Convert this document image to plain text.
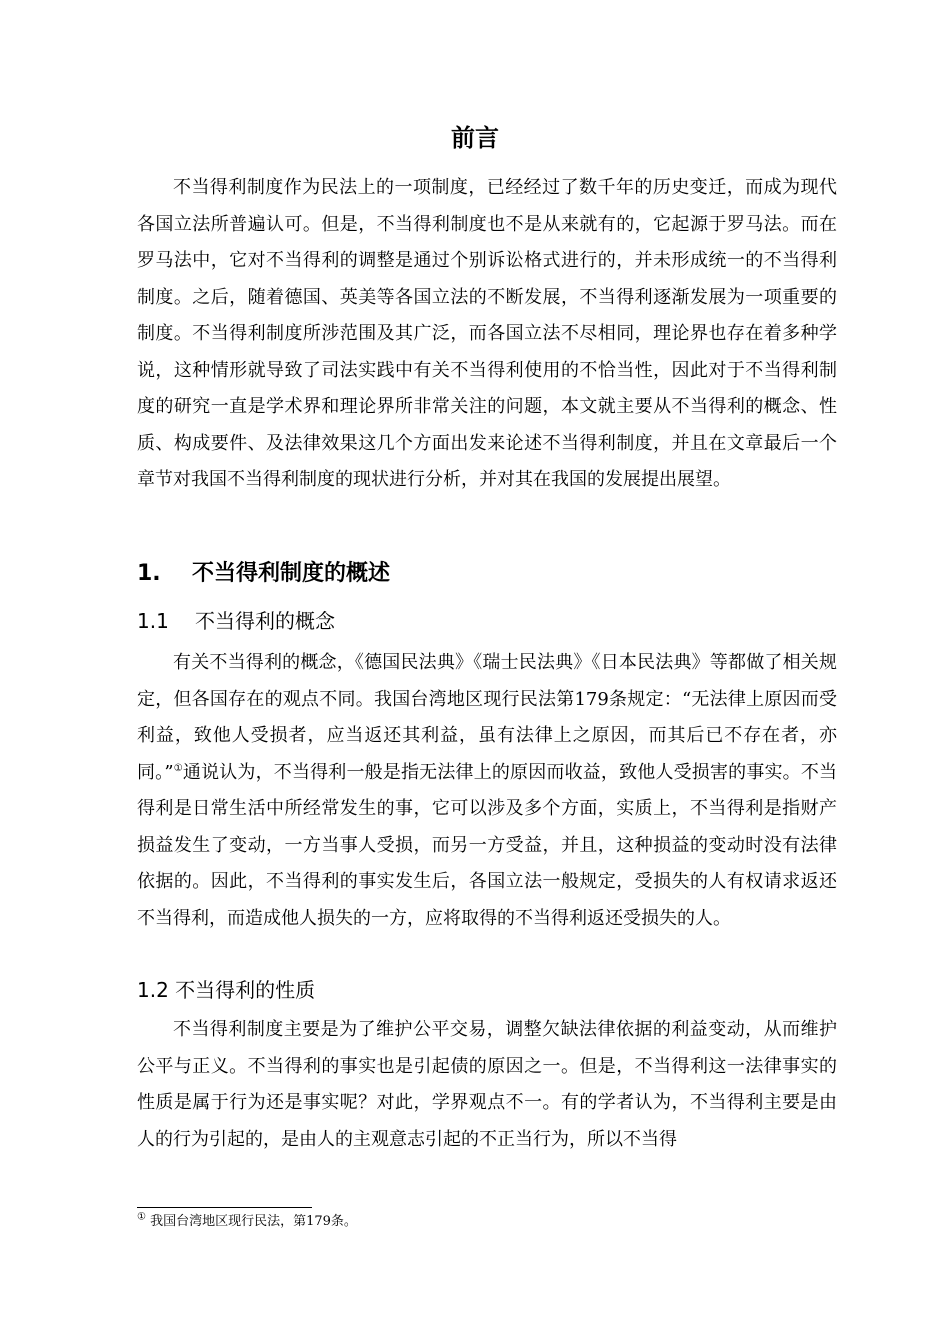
前言

不当得利制度作为民法上的一项制度，已经经过了数千年的历史变迁，而成为现代各国立法所普遍认可。但是，不当得利制度也不是从来就有的，它起源于罗马法。而在罗马法中，它对不当得利的调整是通过个别诉讼格式进行的，并未形成统一的不当得利制度。之后，随着德国、英美等各国立法的不断发展，不当得利逐渐发展为一项重要的制度。不当得利制度所涉范围及其广泛，而各国立法不尽相同，理论界也存在着多种学说，这种情形就导致了司法实践中有关不当得利使用的不恰当性，因此对于不当得利制度的研究一直是学术界和理论界所非常关注的问题，本文就主要从不当得利的概念、性质、构成要件、及法律效果这几个方面出发来论述不当得利制度，并且在文章最后一个章节对我国不当得利制度的现状进行分析，并对其在我国的发展提出展望。

1. 不当得利制度的概述
1.1 不当得利的概念

有关不当得利的概念，《德国民法典》《瑞士民法典》《日本民法典》等都做了相关规定，但各国存在的观点不同。我国台湾地区现行民法第179条规定：“无法律上原因而受利益，致他人受损者，应当返还其利益，虽有法律上之原因，而其后已不存在者，亦同。”①通说认为，不当得利一般是指无法律上的原因而收益，致他人受损害的事实。不当得利是日常生活中所经常发生的事，它可以涉及多个方面，实质上，不当得利是指财产损益发生了变动，一方当事人受损，而另一方受益，并且，这种损益的变动时没有法律依据的。因此，不当得利的事实发生后，各国立法一般规定，受损失的人有权请求返还不当得利，而造成他人损失的一方，应将取得的不当得利返还受损失的人。

1.2 不当得利的性质

不当得利制度主要是为了维护公平交易，调整欠缺法律依据的利益变动，从而维护公平与正义。不当得利的事实也是引起债的原因之一。但是，不当得利这一法律事实的性质是属于行为还是事实呢？对此，学界观点不一。有的学者认为，不当得利主要是由人的行为引起的，是由人的主观意志引起的不正当行为，所以不当得

① 我国台湾地区现行民法，第179条。
